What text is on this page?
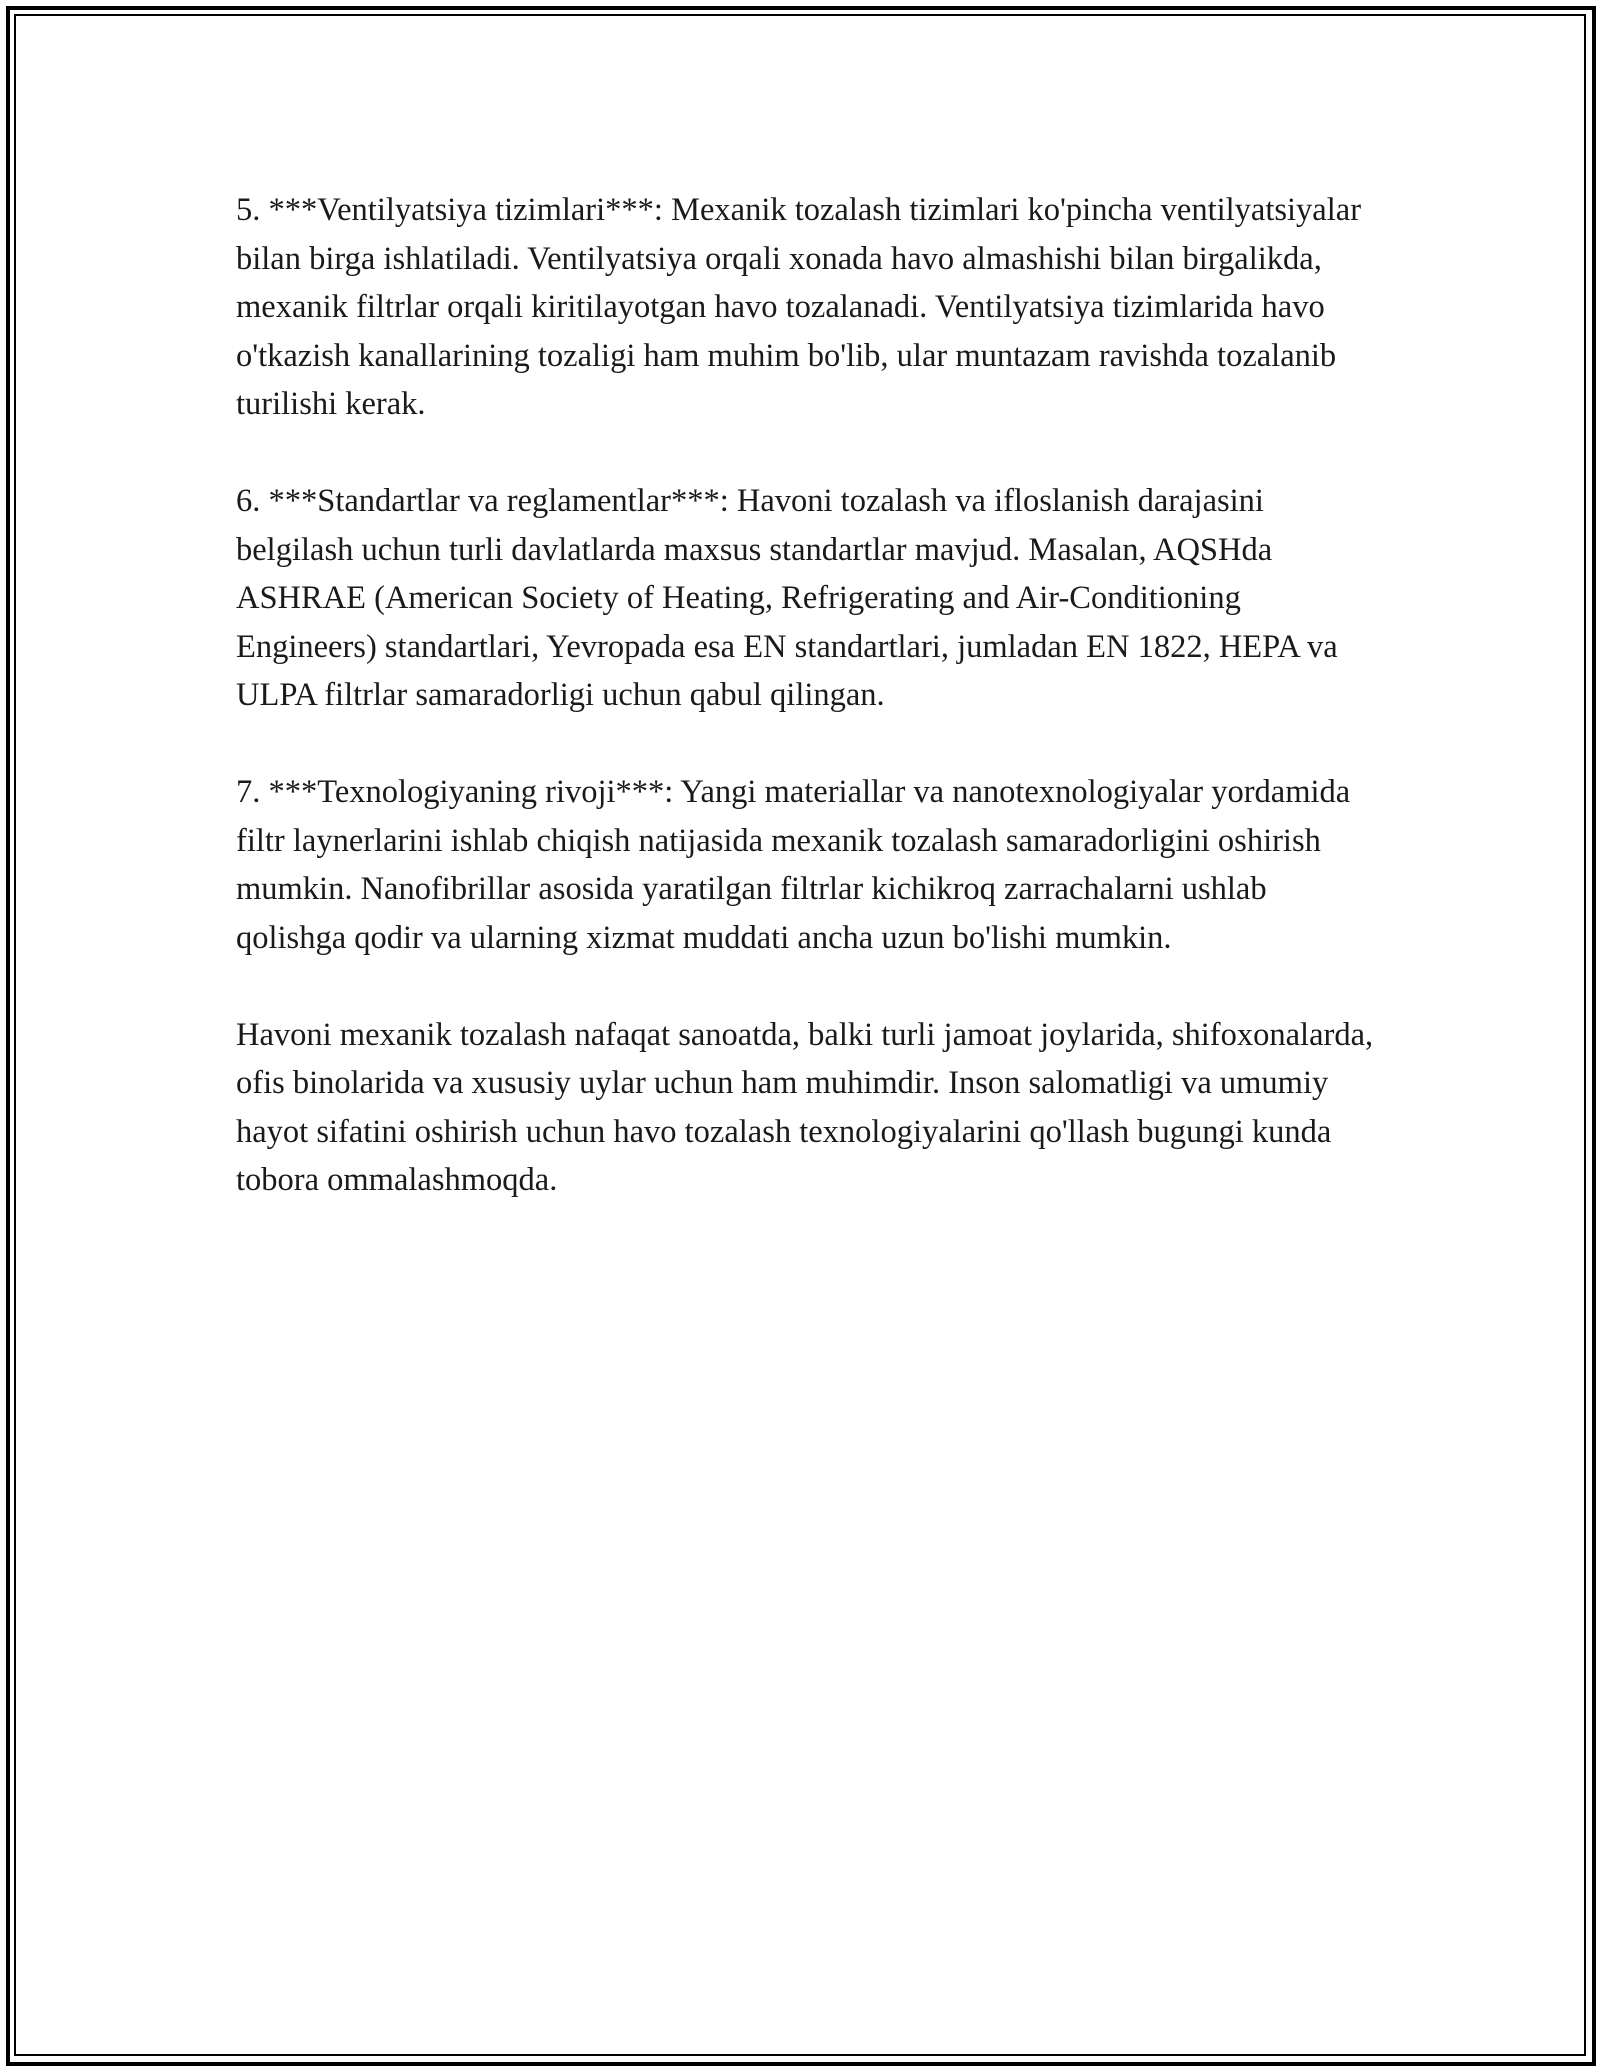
5. ***Ventilyatsiya tizimlari***: Mexanik tozalash tizimlari ko'pincha ventilyatsiyalar bilan birga ishlatiladi. Ventilyatsiya orqali xonada havo almashishi bilan birgalikda, mexanik filtrlar orqali kiritilayotgan havo tozalanadi. Ventilyatsiya tizimlarida havo o'tkazish kanallarining tozaligi ham muhim bo'lib, ular muntazam ravishda tozalanib turilishi kerak.

6. ***Standartlar va reglamentlar***: Havoni tozalash va ifloslanish darajasini belgilash uchun turli davlatlarda maxsus standartlar mavjud. Masalan, AQSHda ASHRAE (American Society of Heating, Refrigerating and Air-Conditioning Engineers) standartlari, Yevropada esa EN standartlari, jumladan EN 1822, HEPA va ULPA filtrlar samaradorligi uchun qabul qilingan.

7. ***Texnologiyaning rivoji***: Yangi materiallar va nanotexnologiyalar yordamida filtr laynerlarini ishlab chiqish natijasida mexanik tozalash samaradorligini oshirish mumkin. Nanofibrillar asosida yaratilgan filtrlar kichikroq zarrachalarni ushlab qolishga qodir va ularning xizmat muddati ancha uzun bo'lishi mumkin.

Havoni mexanik tozalash nafaqat sanoatda, balki turli jamoat joylarida, shifoxonalarda, ofis binolarida va xususiy uylar uchun ham muhimdir. Inson salomatligi va umumiy hayot sifatini oshirish uchun havo tozalash texnologiyalarini qo'llash bugungi kunda tobora ommalashmoqda.
